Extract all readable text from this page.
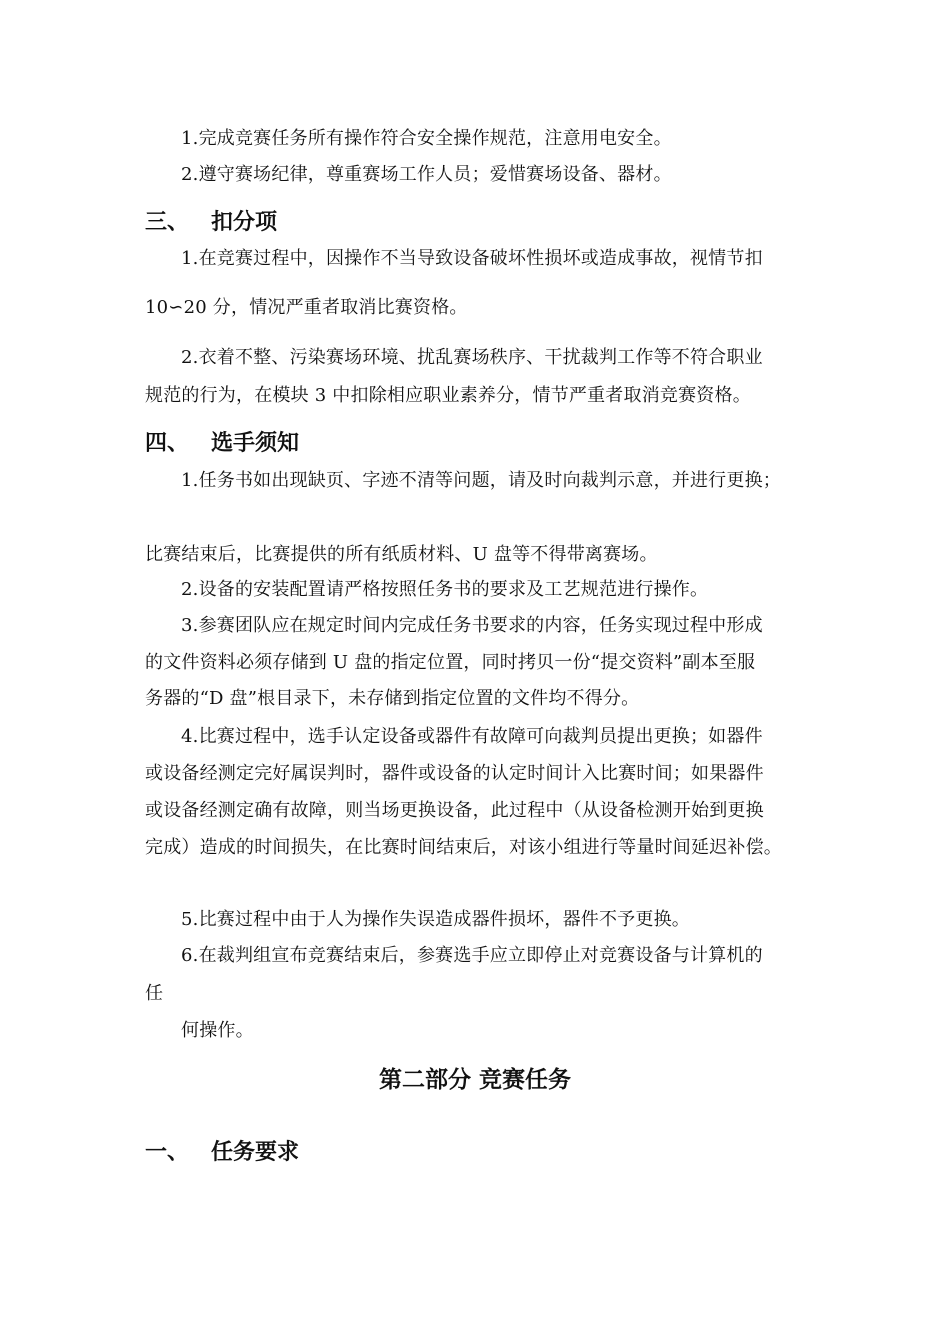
1.完成竞赛任务所有操作符合安全操作规范，注意用电安全。
2.遵守赛场纪律，尊重赛场工作人员；爱惜赛场设备、器材。
三、 扣分项
1.在竞赛过程中，因操作不当导致设备破坏性损坏或造成事故，视情节扣
10∽20 分，情况严重者取消比赛资格。
2.衣着不整、污染赛场环境、扰乱赛场秩序、干扰裁判工作等不符合职业
规范的行为，在模块 3 中扣除相应职业素养分，情节严重者取消竞赛资格。
四、 选手须知
1.任务书如出现缺页、字迹不清等问题，请及时向裁判示意，并进行更换；
比赛结束后，比赛提供的所有纸质材料、U 盘等不得带离赛场。
2.设备的安装配置请严格按照任务书的要求及工艺规范进行操作。
3.参赛团队应在规定时间内完成任务书要求的内容，任务实现过程中形成
的文件资料必须存储到 U 盘的指定位置，同时拷贝一份“提交资料”副本至服
务器的“D 盘”根目录下，未存储到指定位置的文件均不得分。
4.比赛过程中，选手认定设备或器件有故障可向裁判员提出更换；如器件
或设备经测定完好属误判时，器件或设备的认定时间计入比赛时间；如果器件
或设备经测定确有故障，则当场更换设备，此过程中（从设备检测开始到更换
完成）造成的时间损失，在比赛时间结束后，对该小组进行等量时间延迟补偿。
5.比赛过程中由于人为操作失误造成器件损坏，器件不予更换。
6.在裁判组宣布竞赛结束后，参赛选手应立即停止对竞赛设备与计算机的
任
何操作。
第二部分 竞赛任务
一、 任务要求
